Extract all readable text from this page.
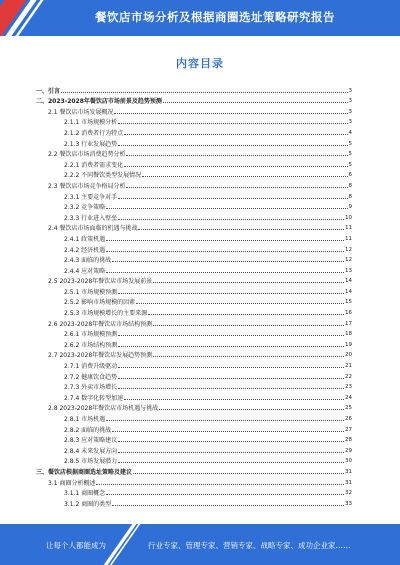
餐饮店市场分析及根据商圈选址策略研究报告
内容目录
一、引言	3
二、2023-2028年餐饮店市场前景及趋势预测	3
2.1 餐饮店市场发展概况	3
2.1.1 市场规模分析	3
2.1.2 消费者行为特点	4
2.1.3 行业发展趋势	5
2.2 餐饮店市场消费趋势分析	5
2.2.1 消费者需求变化	5
2.2.2 不同餐饮类型发展情况	6
2.3 餐饮店市场竞争格局分析	8
2.3.1 主要竞争对手	8
2.3.2 竞争策略	9
2.3.3 行业进入壁垒	10
2.4 餐饮店市场面临的机遇与挑战	11
2.4.1 政策机遇	11
2.4.2 经济机遇	12
2.4.3 面临的挑战	12
2.4.4 应对策略	13
2.5 2023-2028年餐饮店市场发展前景	14
2.5.1 市场规模预测	14
2.5.2 影响市场规模的因素	15
2.5.3 市场规模增长的主要来源	16
2.6 2023-2028年餐饮店市场结构预测	17
2.6.1 市场规模预测	18
2.6.2 市场结构预测	19
2.7 2023-2028年餐饮店发展趋势预测	20
2.7.1 消费升级驱动	21
2.7.2 健康饮食趋势	22
2.7.3 外卖市场增长	23
2.7.4 数字化转型加速	24
2.8 2023-2028年餐饮店市场机遇与挑战	25
2.8.1 市场机遇	26
2.8.2 面临的挑战	27
2.8.3 应对策略建议	28
2.8.4 未来发展方向	29
2.8.5 市场发展潜力	30
三、餐饮店根据商圈选址策略及建议	31
3.1 商圈分析概述	31
3.1.1 商圈概念	32
3.1.2 商圈的类型	33
让每个人都能成为	行业专家、管理专家、营销专家、战略专家、成功企业家……
